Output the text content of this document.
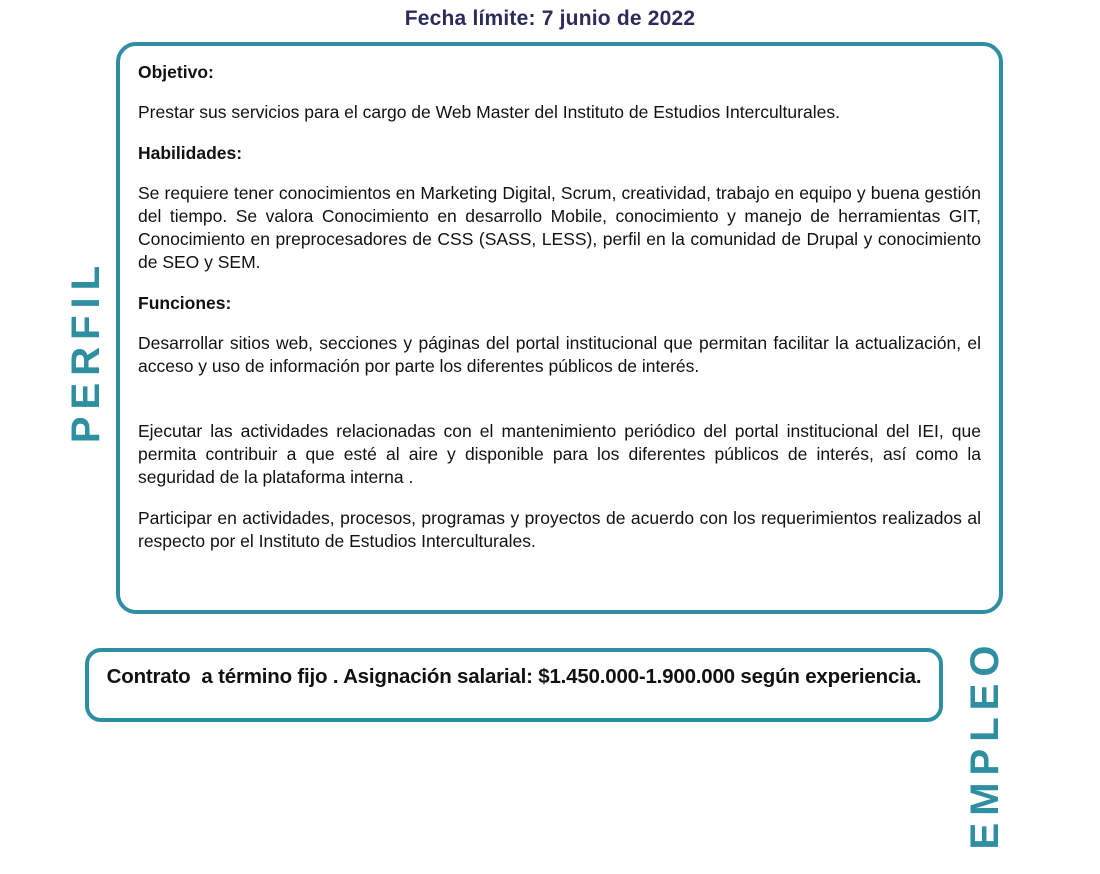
Fecha límite: 7 junio de 2022
PERFIL

Objetivo:

Prestar sus servicios para el cargo de Web Master del Instituto de Estudios Interculturales.

Habilidades:

Se requiere tener conocimientos en Marketing Digital, Scrum, creatividad, trabajo en equipo y buena gestión del tiempo. Se valora Conocimiento en desarrollo Mobile, conocimiento y manejo de herramientas GIT, Conocimiento en preprocesadores de CSS (SASS, LESS), perfil en la comunidad de Drupal y conocimiento de SEO y SEM.

Funciones:

Desarrollar sitios web, secciones y páginas del portal institucional que permitan facilitar la actualización, el acceso y uso de información por parte los diferentes públicos de interés.

Ejecutar las actividades relacionadas con el mantenimiento periódico del portal institucional del IEI, que permita contribuir a que esté al aire y disponible para los diferentes públicos de interés, así como la seguridad de la plataforma interna .

Participar en actividades, procesos, programas y proyectos de acuerdo con los requerimientos realizados al respecto por el Instituto de Estudios Interculturales.

Contrato  a término fijo . Asignación salarial: $1.450.000-1.900.000 según experiencia. EMPLEO
